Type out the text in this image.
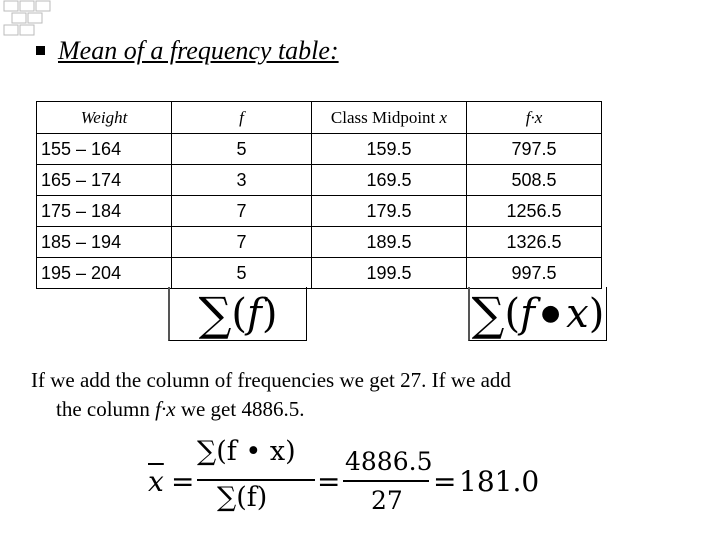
Mean of a frequency table:
Weight	f	Class Midpoint x	f·x
155 – 164	5	159.5	797.5
165 – 174	3	169.5	508.5
175 – 184	7	179.5	1256.5
185 – 194	7	189.5	1326.5
195 – 204	5	199.5	997.5
∑ ( f )	∑ ( f ● x )
If we add the column of frequencies we get 27. If we add
the column f·x we get 4886.5.
$\overline{x}$ =
∑(f • x)
∑(f) =
4886.5
27
= 181.0
